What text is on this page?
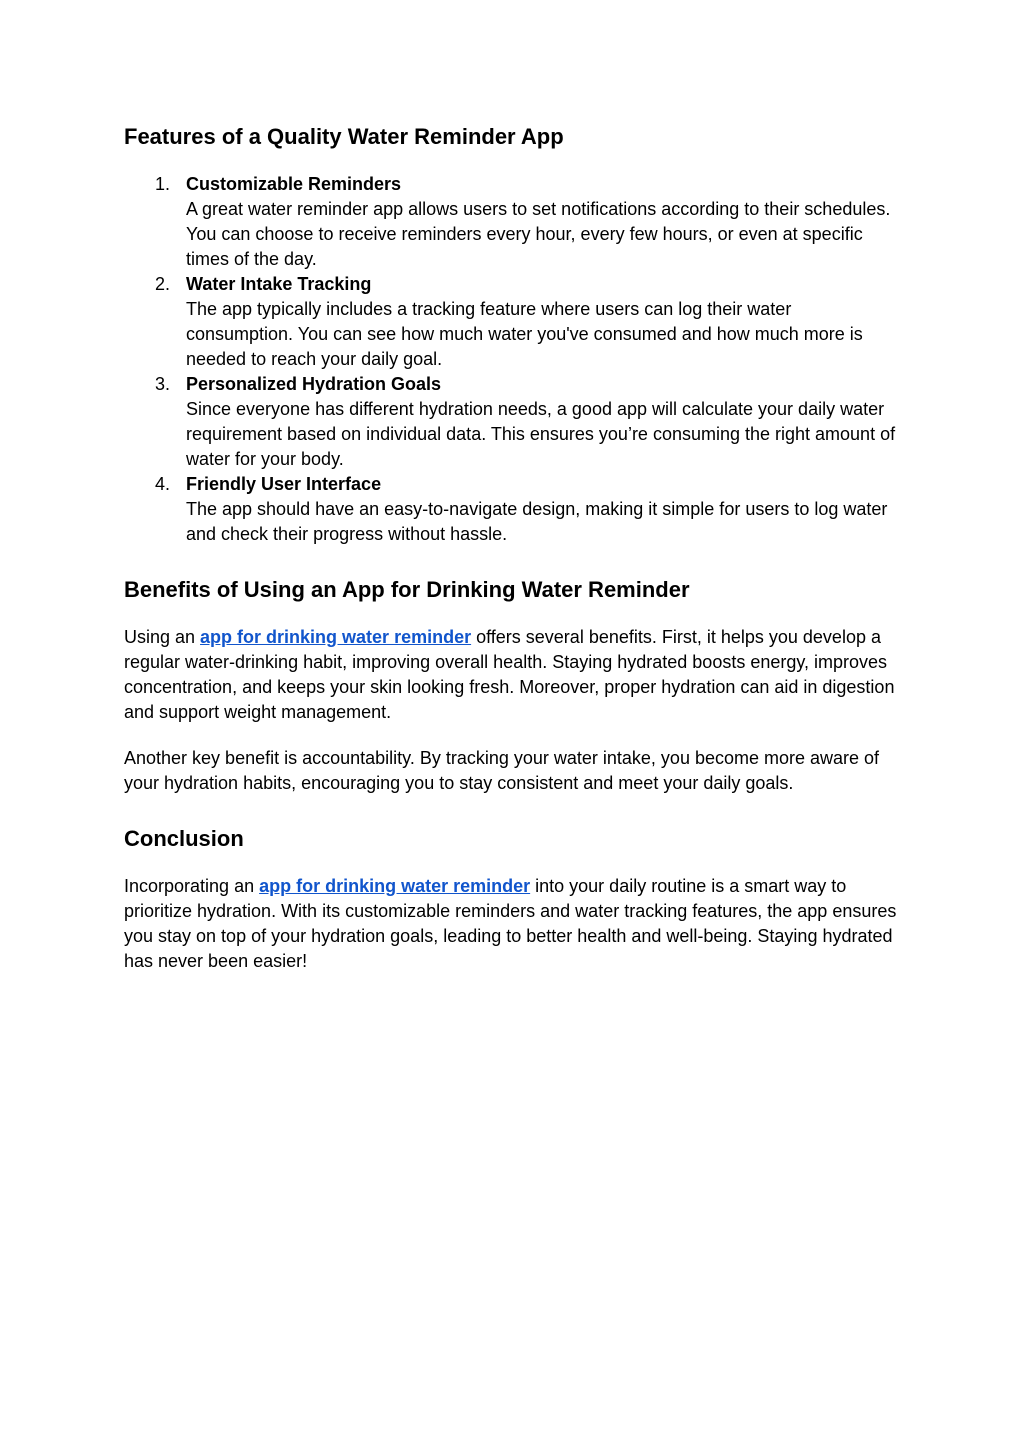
Features of a Quality Water Reminder App
1. Customizable Reminders
A great water reminder app allows users to set notifications according to their schedules. You can choose to receive reminders every hour, every few hours, or even at specific times of the day.
2. Water Intake Tracking
The app typically includes a tracking feature where users can log their water consumption. You can see how much water you've consumed and how much more is needed to reach your daily goal.
3. Personalized Hydration Goals
Since everyone has different hydration needs, a good app will calculate your daily water requirement based on individual data. This ensures you’re consuming the right amount of water for your body.
4. Friendly User Interface
The app should have an easy-to-navigate design, making it simple for users to log water and check their progress without hassle.
Benefits of Using an App for Drinking Water Reminder

Using an app for drinking water reminder offers several benefits. First, it helps you develop a regular water-drinking habit, improving overall health. Staying hydrated boosts energy, improves concentration, and keeps your skin looking fresh. Moreover, proper hydration can aid in digestion and support weight management.

Another key benefit is accountability. By tracking your water intake, you become more aware of your hydration habits, encouraging you to stay consistent and meet your daily goals.

Conclusion

Incorporating an app for drinking water reminder into your daily routine is a smart way to prioritize hydration. With its customizable reminders and water tracking features, the app ensures you stay on top of your hydration goals, leading to better health and well-being. Staying hydrated has never been easier!
